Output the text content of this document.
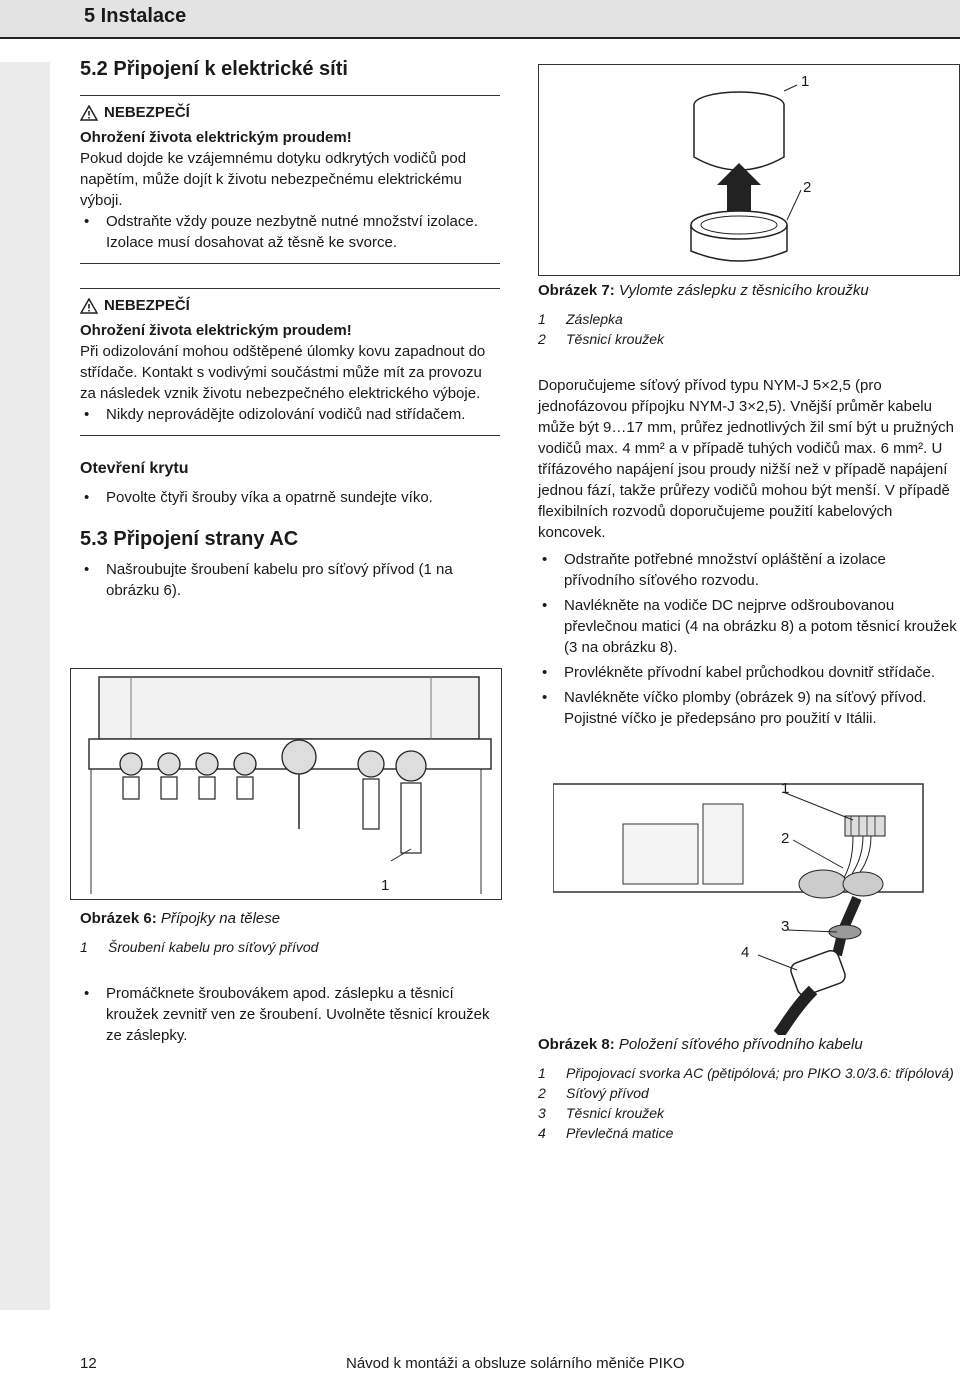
5 Instalace

5.2 Připojení k elektrické síti

NEBEZPEČÍ

Ohrožení života elektrickým proudem!

Pokud dojde ke vzájemnému dotyku odkrytých vodičů pod napětím, může dojít k životu nebezpečnému elektrickému výboji.

• Odstraňte vždy pouze nezbytně nutné množství izolace. Izolace musí dosahovat až těsně ke svorce.
NEBEZPEČÍ

Ohrožení života elektrickým proudem!

Při odizolování mohou odštěpené úlomky kovu zapadnout do střídače. Kontakt s vodivými součástmi může mít za provozu za následek vznik životu nebezpečného elektrického výboje.

• Nikdy neprovádějte odizolování vodičů nad střídačem.

Otevření krytu

• Povolte čtyři šrouby víka a opatrně sundejte víko.

5.3 Připojení strany AC

• Našroubujte šroubení kabelu pro síťový přívod (1 na obrázku 6).
1
Obrázek 6: Přípojky na tělese
1 Šroubení kabelu pro síťový přívod
• Promáčknete šroubovákem apod. záslepku a těsnicí kroužek zevnitř ven ze šroubení. Uvolněte těsnicí kroužek ze záslepky.
1
2
Obrázek 7: Vylomte záslepku z těsnicího kroužku
1 Záslepka
2 Těsnicí kroužek

Doporučujeme síťový přívod typu NYM-J 5×2,5 (pro jednofázovou přípojku NYM-J 3×2,5). Vnější průměr kabelu může být 9…17 mm, průřez jednotlivých žil smí být u pružných vodičů max. 4 mm² a v případě tuhých vodičů max. 6 mm². U třífázového napájení jsou proudy nižší než v případě napájení jednou fází, takže průřezy vodičů mohou být menší. V případě flexibilních rozvodů doporučujeme použití kabelových koncovek.

• Odstraňte potřebné množství opláštění a izolace přívodního síťového rozvodu.
• Navlékněte na vodiče DC nejprve odšroubovanou převlečnou matici (4 na obrázku 8) a potom těsnicí kroužek (3 na obrázku 8).
• Provlékněte přívodní kabel průchodkou dovnitř střídače.
• Navlékněte víčko plomby (obrázek 9) na síťový přívod. Pojistné víčko je předepsáno pro použití v Itálii.
1
2
3
4
Obrázek 8: Položení síťového přívodního kabelu
1	Připojovací svorka AC (pětipólová; pro PIKO 3.0/3.6: třípólová)
2	Síťový přívod
3	Těsnicí kroužek
4	Převlečná matice
12	Návod k montáži a obsluze solárního měniče PIKO
